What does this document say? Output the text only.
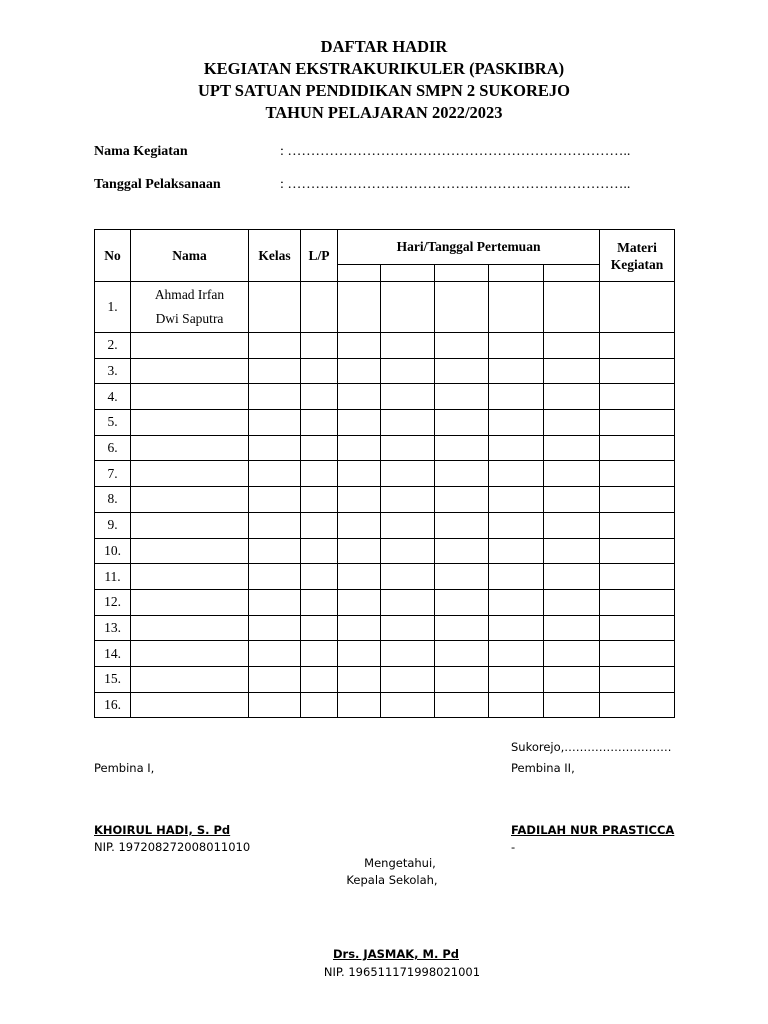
DAFTAR HADIR
KEGIATAN EKSTRAKURIKULER (PASKIBRA)
UPT SATUAN PENDIDIKAN SMPN 2 SUKOREJO
TAHUN PELAJARAN 2022/2023
Nama Kegiatan	: ………………………………………………………………..
Tanggal Pelaksanaan	: ………………………………………………………………..
No	Nama	Kelas	L/P	Hari/Tanggal Pertemuan					Materi Kegiatan

1.	Ahmad Irfan
Dwi Saputra								

2.									
3.									
4.									
5.									
6.									
7.									
8.									
9.									
10.									
11.									
12.									
13.									
14.									
15.									
16.									
Sukorejo,……………………….
Pembina I,	Pembina II,
KHOIRUL HADI, S. Pd
NIP. 197208272008011010
FADILAH NUR PRASTICCA
-
Mengetahui,
Kepala Sekolah,
Drs. JASMAK, M. Pd
NIP. 196511171998021001
